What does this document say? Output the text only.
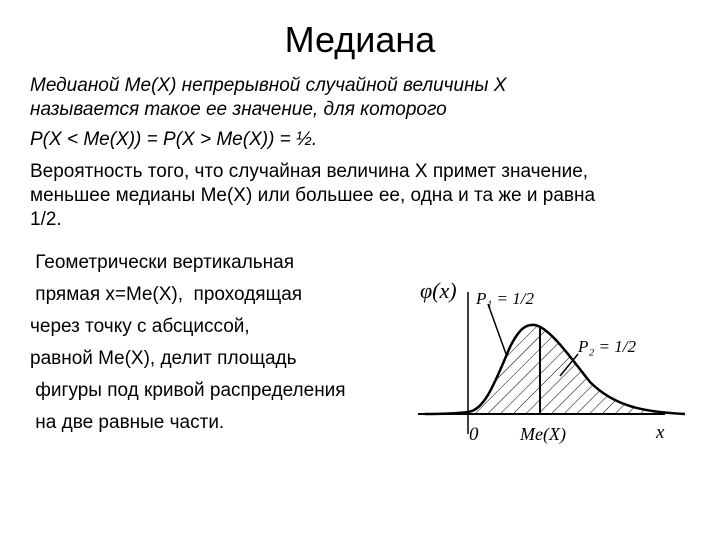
Медиана
Медианой Me(X) непрерывной случайной величины X
называется такое ее значение, для которого
P(X < Me(X)) = P(X > Me(X)) = ½.
Вероятность того, что случайная величина X примет значение,
меньшее медианы Me(X) или большее ее, одна и та же и равна
1/2.
Геометрически вертикальная
прямая x=Me(X),  проходящая
через точку с абсциссой,
равной Me(X), делит площадь
фигуры под кривой распределения
на две равные части.
φ(x) P₁ = 1/2
P₂ = 1/2
0 Me(X)	x
